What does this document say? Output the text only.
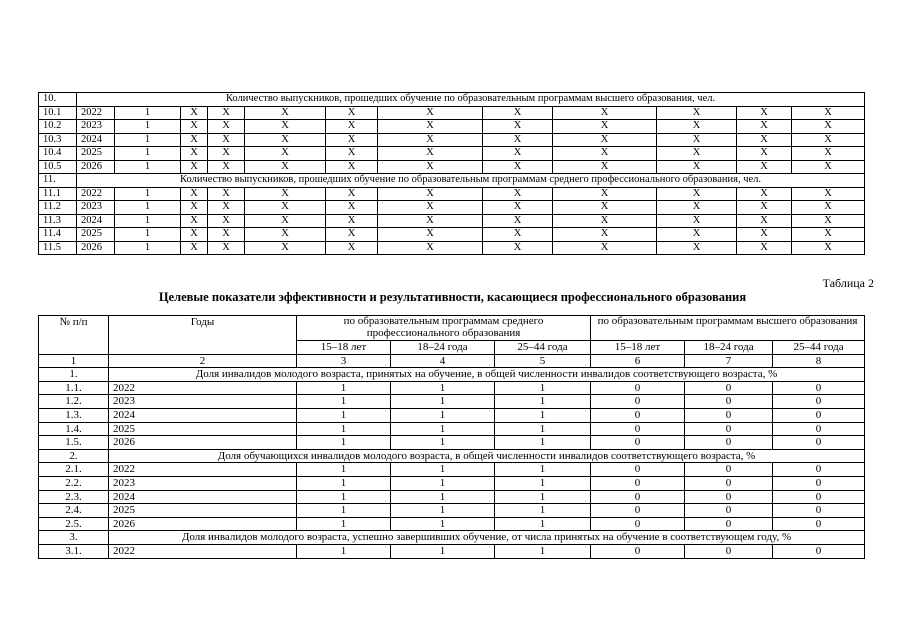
10.	Количество выпускников, прошедших обучение по образовательным программам высшего образования, чел.											
10.1	2022	1	X	X	X	X	X	X	X	X	X	X
10.2	2023	1	X	X	X	X	X	X	X	X	X	X
10.3	2024	1	X	X	X	X	X	X	X	X	X	X
10.4	2025	1	X	X	X	X	X	X	X	X	X	X
10.5	2026	1	X	X	X	X	X	X	X	X	X	X
11.	Количество выпускников, прошедших обучение по образовательным программам среднего профессионального образования, чел.											
11.1	2022	1	X	X	X	X	X	X	X	X	X	X
11.2	2023	1	X	X	X	X	X	X	X	X	X	X
11.3	2024	1	X	X	X	X	X	X	X	X	X	X
11.4	2025	1	X	X	X	X	X	X	X	X	X	X
11.5	2026	1	X	X	X	X	X	X	X	X	X	X
Таблица 2
Целевые показатели эффективности и результативности, касающиеся профессионального образования
№ п/п	Годы	по образовательным программам среднего профессионального образования			по образовательным программам высшего образования		
		15–18 лет	18–24 года	25–44 года	15–18 лет	18–24 года	25–44 года
1	2	3	4	5	6	7	8
1.	Доля инвалидов молодого возраста, принятых на обучение, в общей численности инвалидов соответствующего возраста, %						
1.1.	2022	1	1	1	0	0	0
1.2.	2023	1	1	1	0	0	0
1.3.	2024	1	1	1	0	0	0
1.4.	2025	1	1	1	0	0	0
1.5.	2026	1	1	1	0	0	0
2.	Доля обучающихся инвалидов молодого возраста, в общей численности инвалидов соответствующего возраста, %						
2.1.	2022	1	1	1	0	0	0
2.2.	2023	1	1	1	0	0	0
2.3.	2024	1	1	1	0	0	0
2.4.	2025	1	1	1	0	0	0
2.5.	2026	1	1	1	0	0	0
3.	Доля инвалидов молодого возраста, успешно завершивших обучение, от числа принятых на обучение в соответствующем году, %						
3.1.	2022	1	1	1	0	0	0
